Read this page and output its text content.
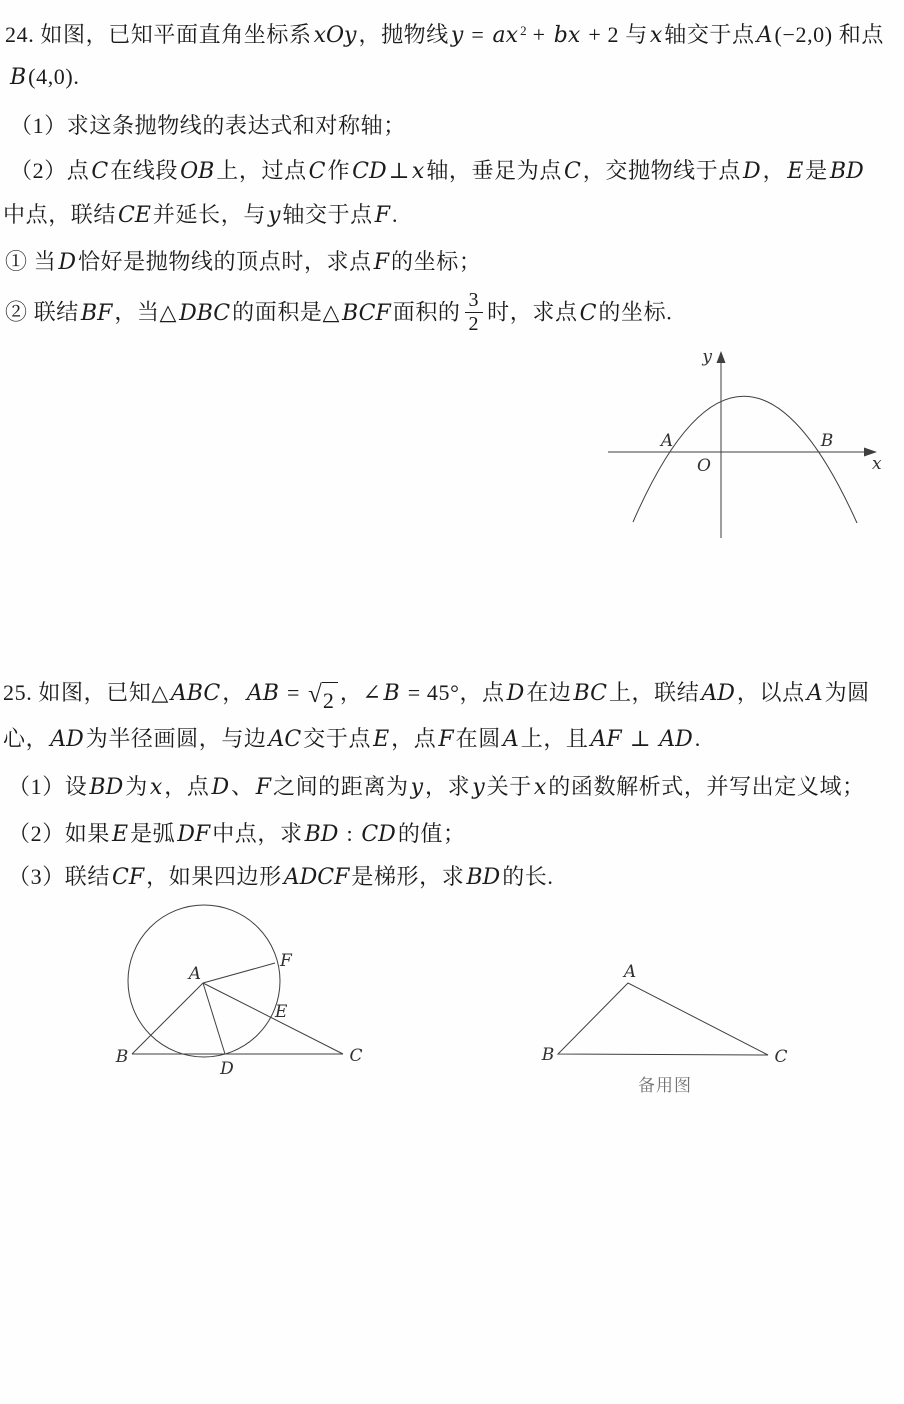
24. 如图，已知平面直角坐标系xOy，抛物线y = ax $^2$ + bx + 2 与x轴交于点A(−2,0) 和点
B(4,0).
（1）求这条抛物线的表达式和对称轴；
（2）点C在线段OB上，过点C作CD⊥x轴，垂足为点C，交抛物线于点D，E是BD
中点，联结CE并延长，与y轴交于点F.
① 当D恰好是抛物线的顶点时，求点F的坐标；
② 联结BF，当△DBC的面积是△BCF面积的 $\frac{3}{2}$ 时，求点C的坐标.
y
x
O
A	B
25. 如图，已知△ABC，AB = √ 2 ，∠B = 45°，点D在边BC上，联结AD，以点A为圆
心，AD为半径画圆，与边AC交于点E，点F在圆A上，且AF ⊥ AD.
（1）设BD为x，点D、F之间的距离为y，求y关于x的函数解析式，并写出定义域；
（2）如果E是弧DF中点，求BD : CD的值；
（3）联结CF，如果四边形ADCF是梯形，求BD的长.
A
B	C
D
E
F
A
B	C
备用图
